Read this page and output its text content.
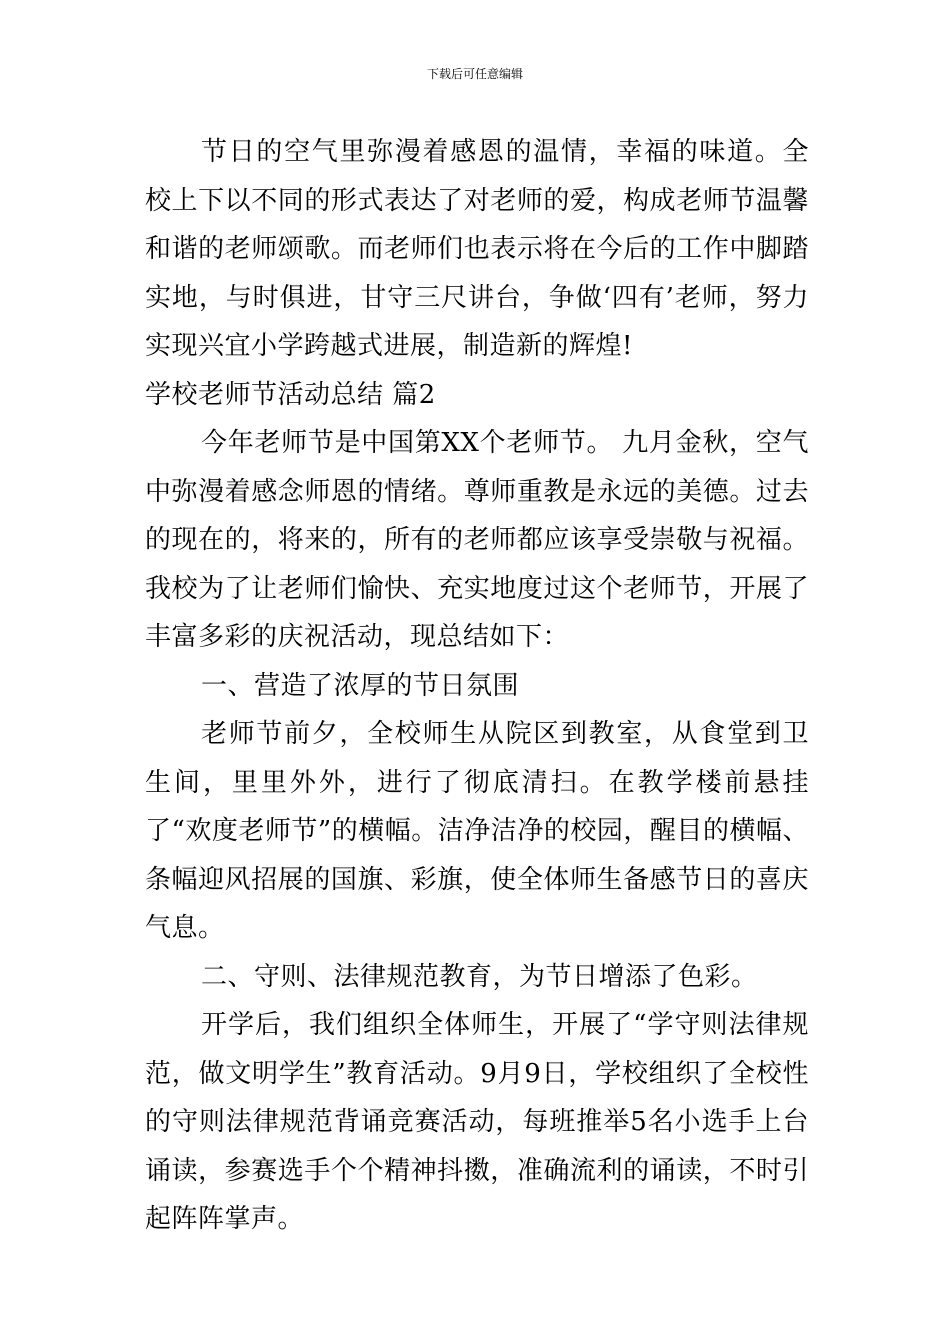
下载后可任意编辑

节日的空气里弥漫着感恩的温情，幸福的味道。全校上下以不同的形式表达了对老师的爱，构成老师节温馨和谐的老师颂歌。而老师们也表示将在今后的工作中脚踏实地，与时俱进，甘守三尺讲台，争做‘四有’老师，努力实现兴宜小学跨越式进展，制造新的辉煌!

学校老师节活动总结 篇2

今年老师节是中国第XX个老师节。 九月金秋，空气中弥漫着感念师恩的情绪。尊师重教是永远的美德。过去的现在的，将来的，所有的老师都应该享受崇敬与祝福。我校为了让老师们愉快、充实地度过这个老师节，开展了丰富多彩的庆祝活动，现总结如下：

一、营造了浓厚的节日氛围

老师节前夕，全校师生从院区到教室，从食堂到卫生间，里里外外，进行了彻底清扫。在教学楼前悬挂了“欢度老师节”的横幅。洁净洁净的校园，醒目的横幅、条幅迎风招展的国旗、彩旗，使全体师生备感节日的喜庆气息。

二、守则、法律规范教育，为节日增添了色彩。

开学后，我们组织全体师生，开展了“学守则法律规范，做文明学生”教育活动。9月9日，学校组织了全校性的守则法律规范背诵竞赛活动，每班推举5名小选手上台诵读，参赛选手个个精神抖擞，准确流利的诵读，不时引起阵阵掌声。
